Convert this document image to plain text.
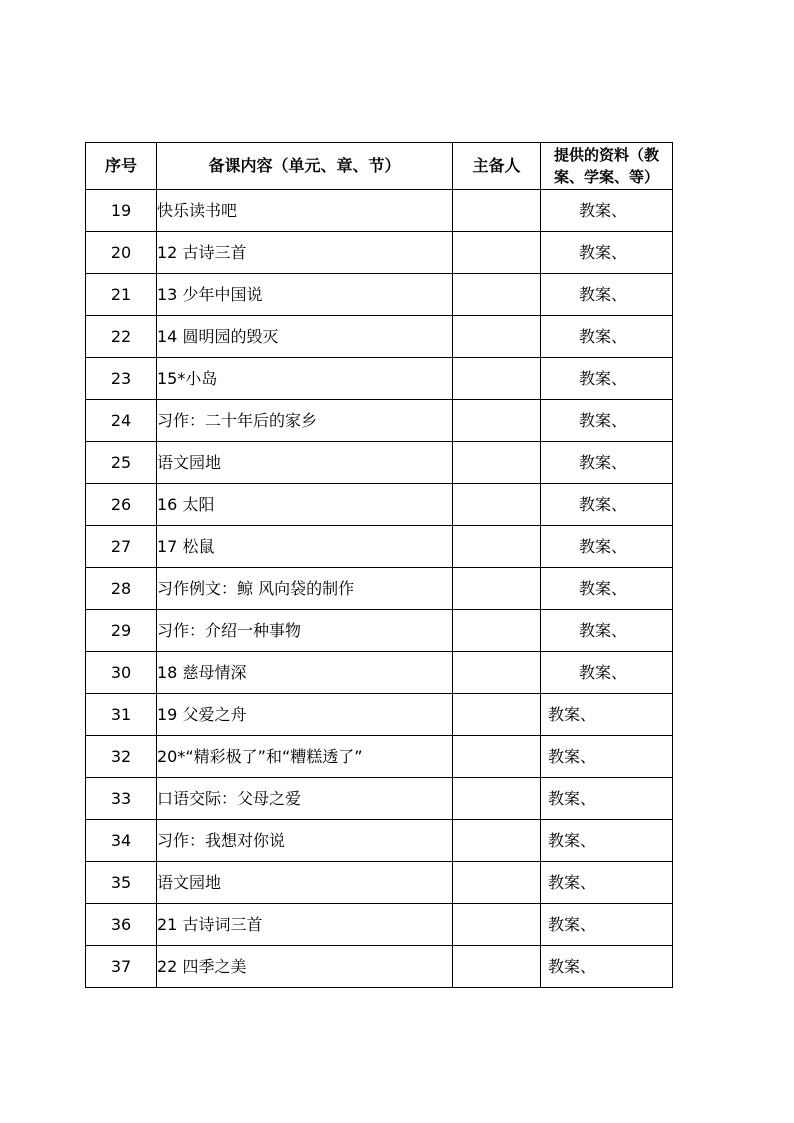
序号	备课内容（单元、章、节）	主备人	提供的资料（教案、学案、等）
19	快乐读书吧		教案、
20	12 古诗三首		教案、
21	13 少年中国说		教案、
22	14 圆明园的毁灭		教案、
23	15*小岛		教案、
24	习作：二十年后的家乡		教案、
25	语文园地		教案、
26	16 太阳		教案、
27	17 松鼠		教案、
28	习作例文：鲸 风向袋的制作		教案、
29	习作：介绍一种事物		教案、
30	18 慈母情深		教案、
31	19 父爱之舟		教案、
32	20*“精彩极了”和“糟糕透了”		教案、
33	口语交际：父母之爱		教案、
34	习作：我想对你说		教案、
35	语文园地		教案、
36	21 古诗词三首		教案、
37	22 四季之美		教案、
